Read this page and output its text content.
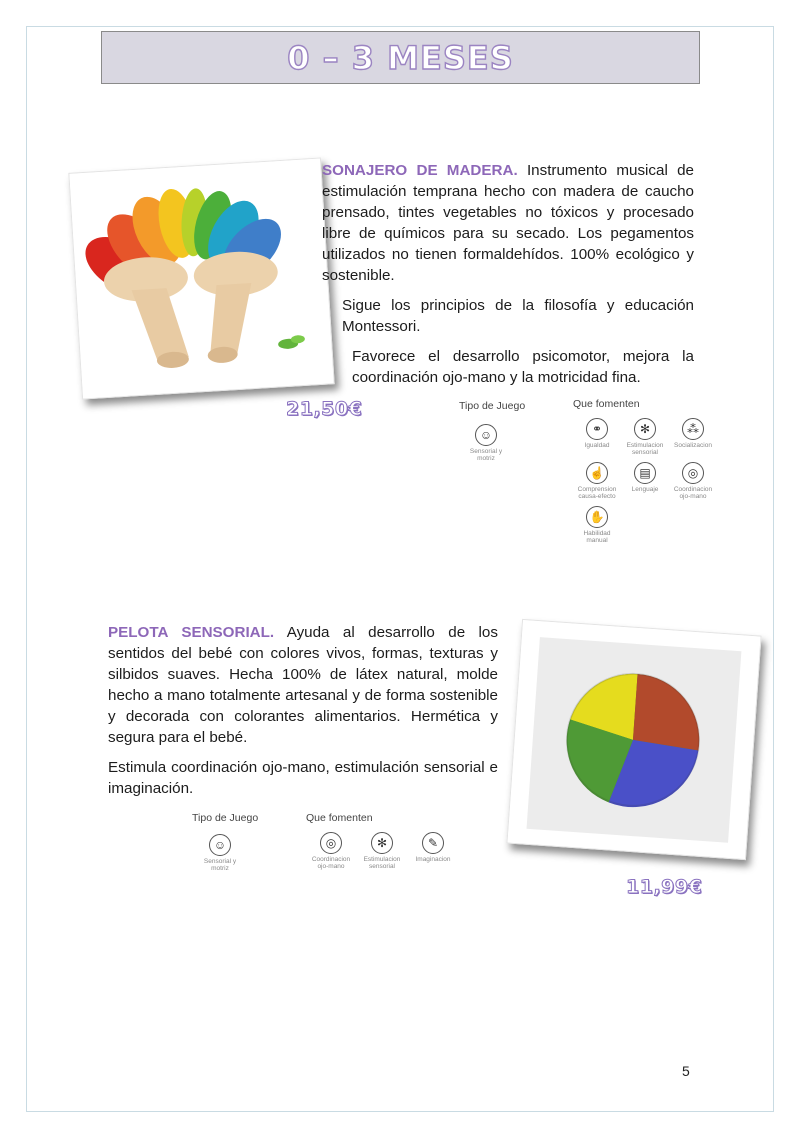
0 – 3 MESES

SONAJERO DE MADERA. Instrumento musical de estimulación temprana hecho con madera de caucho prensado, tintes vegetables no tóxicos y procesado libre de químicos para su secado. Los pegamentos utilizados no tienen formaldehídos. 100% ecológico y sostenible.

Sigue los principios de la filosofía y educación Montessori.

Favorece el desarrollo psicomotor, mejora la coordinación ojo-mano y la motricidad fina.

21,50€	Tipo de Juego	Que fomenten
☺
Sensorial y motriz
⚭
Igualdad
✻
Estimulacion sensorial
⁂
Socializacion
☝
Comprension causa-efecto
▤
Lenguaje
◎
Coordinacion ojo-mano
✋
Habilidad manual

PELOTA SENSORIAL. Ayuda al desarrollo de los sentidos del bebé con colores vivos, formas, texturas y silbidos suaves. Hecha 100% de látex natural, molde hecho a mano totalmente artesanal y de forma sostenible y decorada con colorantes alimentarios. Hermética y segura para el bebé.

Estimula coordinación ojo-mano, estimulación sensorial e imaginación.

11,99€
Tipo de Juego	Que fomenten
☺
Sensorial y motriz
◎
Coordinacion ojo-mano
✻
Estimulacion sensorial
✎
Imaginacion
5
